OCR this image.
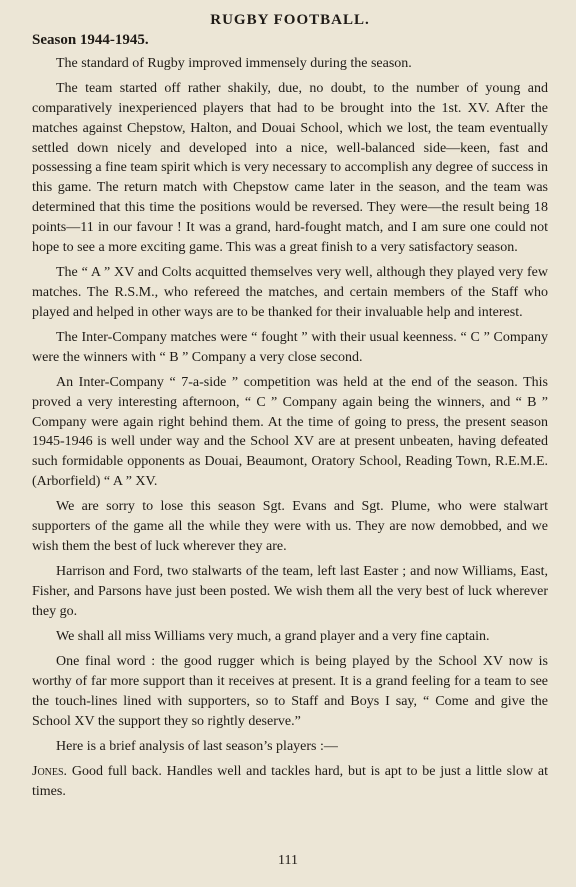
RUGBY FOOTBALL.
Season 1944-1945.

The standard of Rugby improved immensely during the season.

The team started off rather shakily, due, no doubt, to the number of young and comparatively inexperienced players that had to be brought into the 1st. XV. After the matches against Chepstow, Halton, and Douai School, which we lost, the team eventually settled down nicely and developed into a nice, well-balanced side—keen, fast and possessing a fine team spirit which is very necessary to accomplish any degree of success in this game. The return match with Chepstow came later in the season, and the team was determined that this time the positions would be reversed. They were—the result being 18 points—11 in our favour ! It was a grand, hard-fought match, and I am sure one could not hope to see a more exciting game. This was a great finish to a very satisfactory season.

The “ A ” XV and Colts acquitted themselves very well, although they played very few matches. The R.S.M., who refereed the matches, and certain members of the Staff who played and helped in other ways are to be thanked for their invaluable help and interest.

The Inter-Company matches were “ fought ” with their usual keenness. “ C ” Company were the winners with “ B ” Company a very close second.

An Inter-Company “ 7-a-side ” competition was held at the end of the season. This proved a very interesting afternoon, “ C ” Company again being the winners, and “ B ” Company were again right behind them. At the time of going to press, the present season 1945-1946 is well under way and the School XV are at present unbeaten, having defeated such formidable opponents as Douai, Beaumont, Oratory School, Reading Town, R.E.M.E. (Arborfield) “ A ” XV.

We are sorry to lose this season Sgt. Evans and Sgt. Plume, who were stalwart supporters of the game all the while they were with us. They are now demobbed, and we wish them the best of luck wherever they are.

Harrison and Ford, two stalwarts of the team, left last Easter ; and now Williams, East, Fisher, and Parsons have just been posted. We wish them all the very best of luck wherever they go.

We shall all miss Williams very much, a grand player and a very fine captain.

One final word : the good rugger which is being played by the School XV now is worthy of far more support than it receives at present. It is a grand feeling for a team to see the touch-lines lined with supporters, so to Staff and Boys I say, “ Come and give the School XV the support they so rightly deserve.”

Here is a brief analysis of last season’s players :—

Jones. Good full back. Handles well and tackles hard, but is apt to be just a little slow at times.

111
